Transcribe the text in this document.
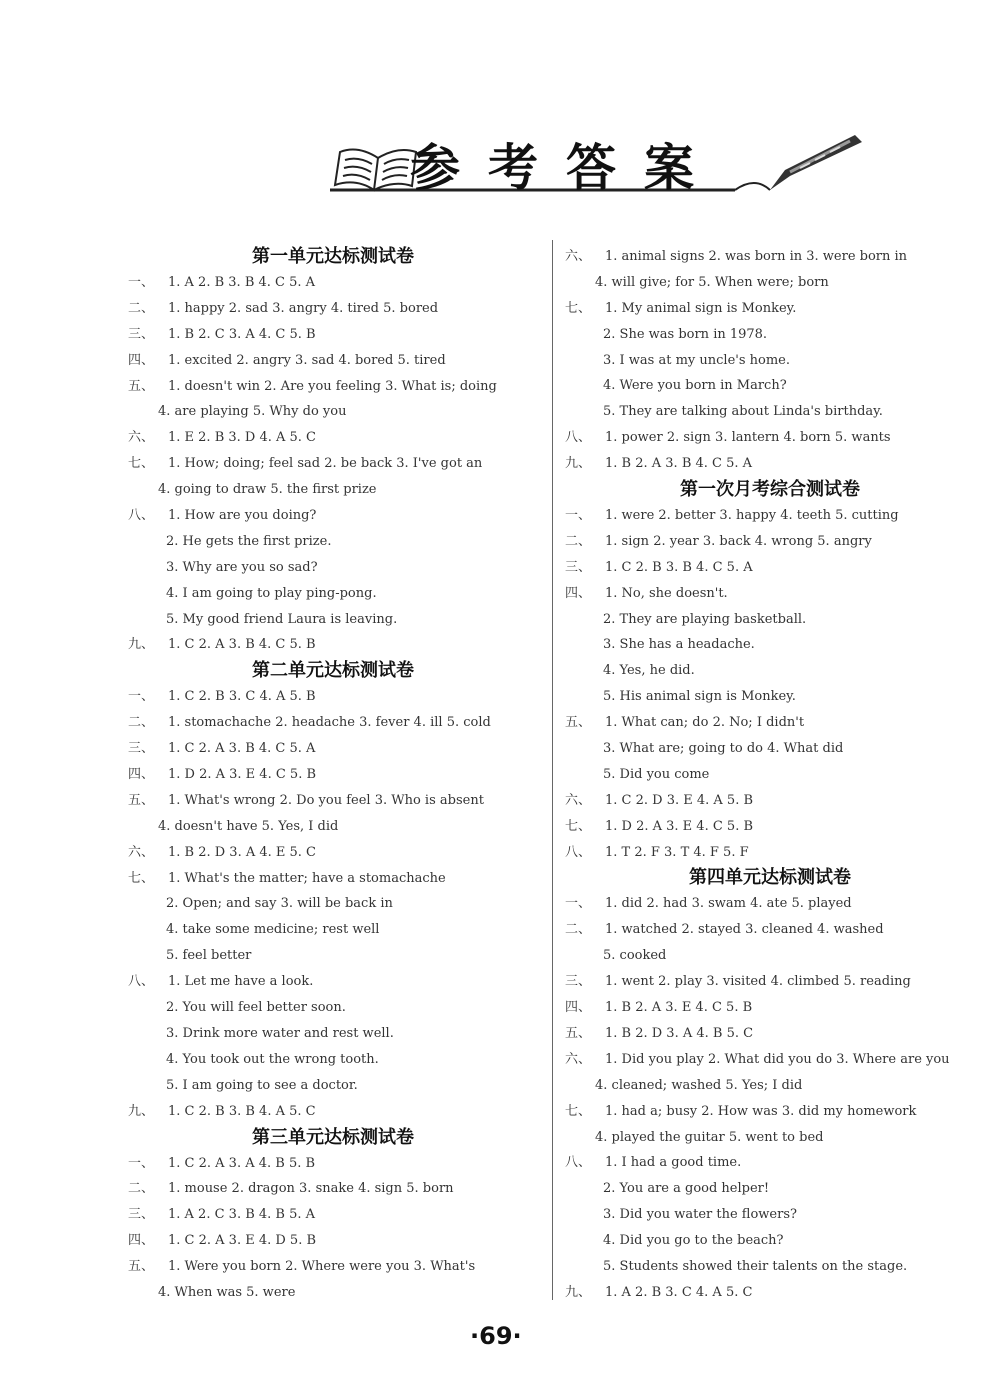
参考答案
第一单元达标测试卷
一、 1. A 2. B 3. B 4. C 5. A
二、 1. happy 2. sad 3. angry 4. tired 5. bored
三、 1. B 2. C 3. A 4. C 5. B
四、 1. excited 2. angry 3. sad 4. bored 5. tired
五、 1. doesn't win 2. Are you feeling 3. What is; doing
4. are playing 5. Why do you
六、 1. E 2. B 3. D 4. A 5. C
七、 1. How; doing; feel sad 2. be back 3. I've got an
4. going to draw 5. the first prize
八、 1. How are you doing?
2. He gets the first prize.
3. Why are you so sad?
4. I am going to play ping-pong.
5. My good friend Laura is leaving.
九、 1. C 2. A 3. B 4. C 5. B
第二单元达标测试卷
一、 1. C 2. B 3. C 4. A 5. B
二、 1. stomachache 2. headache 3. fever 4. ill 5. cold
三、 1. C 2. A 3. B 4. C 5. A
四、 1. D 2. A 3. E 4. C 5. B
五、 1. What's wrong 2. Do you feel 3. Who is absent
4. doesn't have 5. Yes, I did
六、 1. B 2. D 3. A 4. E 5. C
七、 1. What's the matter; have a stomachache
2. Open; and say 3. will be back in
4. take some medicine; rest well
5. feel better
八、 1. Let me have a look.
2. You will feel better soon.
3. Drink more water and rest well.
4. You took out the wrong tooth.
5. I am going to see a doctor.
九、 1. C 2. B 3. B 4. A 5. C
第三单元达标测试卷
一、 1. C 2. A 3. A 4. B 5. B
二、 1. mouse 2. dragon 3. snake 4. sign 5. born
三、 1. A 2. C 3. B 4. B 5. A
四、 1. C 2. A 3. E 4. D 5. B
五、 1. Were you born 2. Where were you 3. What's
4. When was 5. were
六、 1. animal signs 2. was born in 3. were born in
4. will give; for 5. When were; born
七、 1. My animal sign is Monkey.
2. She was born in 1978.
3. I was at my uncle's home.
4. Were you born in March?
5. They are talking about Linda's birthday.
八、 1. power 2. sign 3. lantern 4. born 5. wants
九、 1. B 2. A 3. B 4. C 5. A
第一次月考综合测试卷
一、 1. were 2. better 3. happy 4. teeth 5. cutting
二、 1. sign 2. year 3. back 4. wrong 5. angry
三、 1. C 2. B 3. B 4. C 5. A
四、 1. No, she doesn't.
2. They are playing basketball.
3. She has a headache.
4. Yes, he did.
5. His animal sign is Monkey.
五、 1. What can; do 2. No; I didn't
3. What are; going to do 4. What did
5. Did you come
六、 1. C 2. D 3. E 4. A 5. B
七、 1. D 2. A 3. E 4. C 5. B
八、 1. T 2. F 3. T 4. F 5. F
第四单元达标测试卷
一、 1. did 2. had 3. swam 4. ate 5. played
二、 1. watched 2. stayed 3. cleaned 4. washed
5. cooked
三、 1. went 2. play 3. visited 4. climbed 5. reading
四、 1. B 2. A 3. E 4. C 5. B
五、 1. B 2. D 3. A 4. B 5. C
六、 1. Did you play 2. What did you do 3. Where are you
4. cleaned; washed 5. Yes; I did
七、 1. had a; busy 2. How was 3. did my homework
4. played the guitar 5. went to bed
八、 1. I had a good time.
2. You are a good helper!
3. Did you water the flowers?
4. Did you go to the beach?
5. Students showed their talents on the stage.
九、 1. A 2. B 3. C 4. A 5. C
·69·
